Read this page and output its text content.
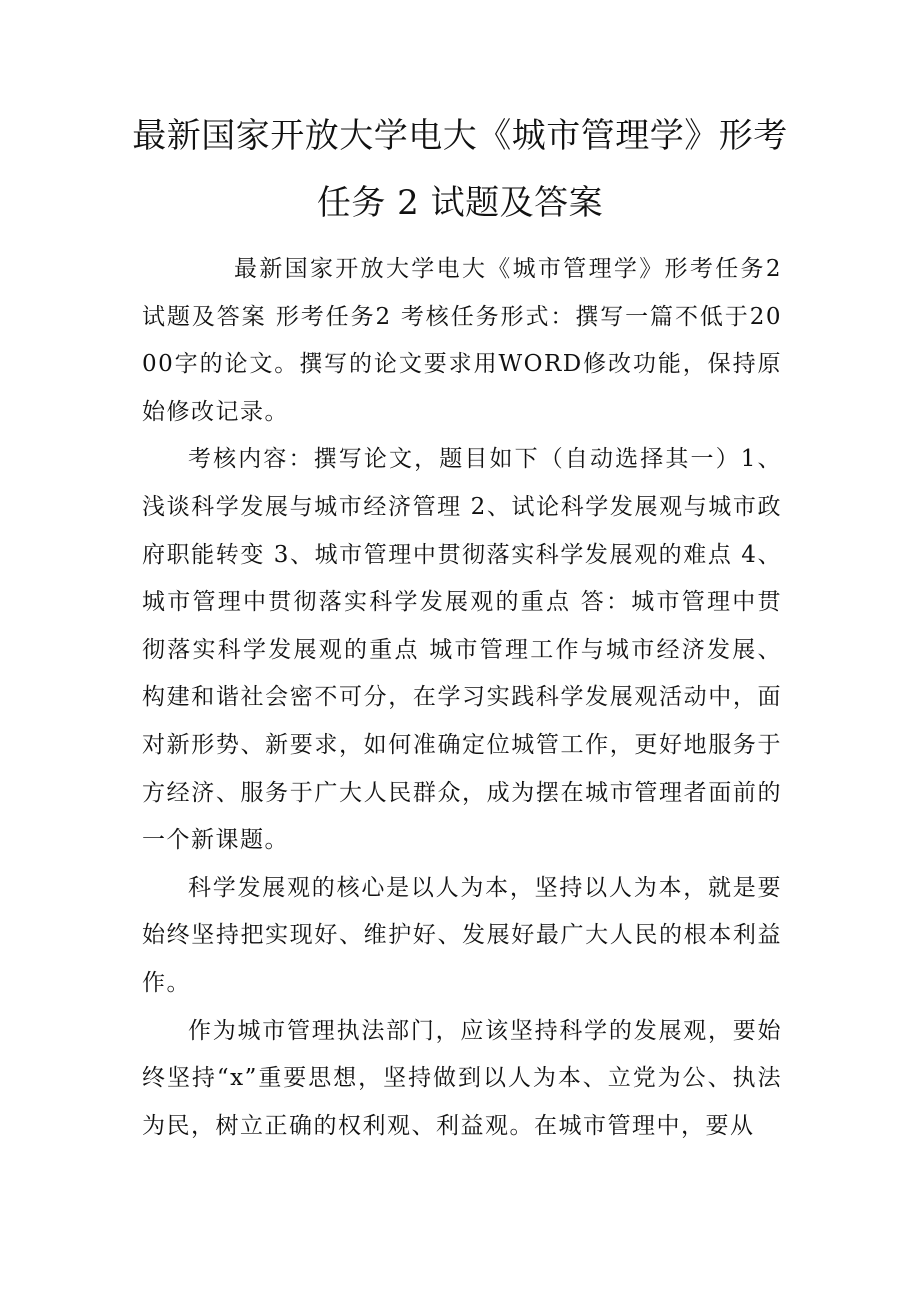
最新国家开放大学电大《城市管理学》形考
任务 2 试题及答案

最新国家开放大学电大《城市管理学》形考任务2试题及答案 形考任务2 考核任务形式：撰写一篇不低于2000字的论文。撰写的论文要求用WORD修改功能，保持原始修改记录。

考核内容：撰写论文，题目如下（自动选择其一）1、浅谈科学发展与城市经济管理 2、试论科学发展观与城市政府职能转变 3、城市管理中贯彻落实科学发展观的难点 4、城市管理中贯彻落实科学发展观的重点 答：城市管理中贯彻落实科学发展观的重点 城市管理工作与城市经济发展、构建和谐社会密不可分，在学习实践科学发展观活动中，面对新形势、新要求，如何准确定位城管工作，更好地服务于方经济、服务于广大人民群众，成为摆在城市管理者面前的一个新课题。

科学发展观的核心是以人为本，坚持以人为本，就是要始终坚持把实现好、维护好、发展好最广大人民的根本利益作。

作为城市管理执法部门，应该坚持科学的发展观，要始终坚持“x”重要思想，坚持做到以人为本、立党为公、执法为民，树立正确的权利观、利益观。在城市管理中，要从
